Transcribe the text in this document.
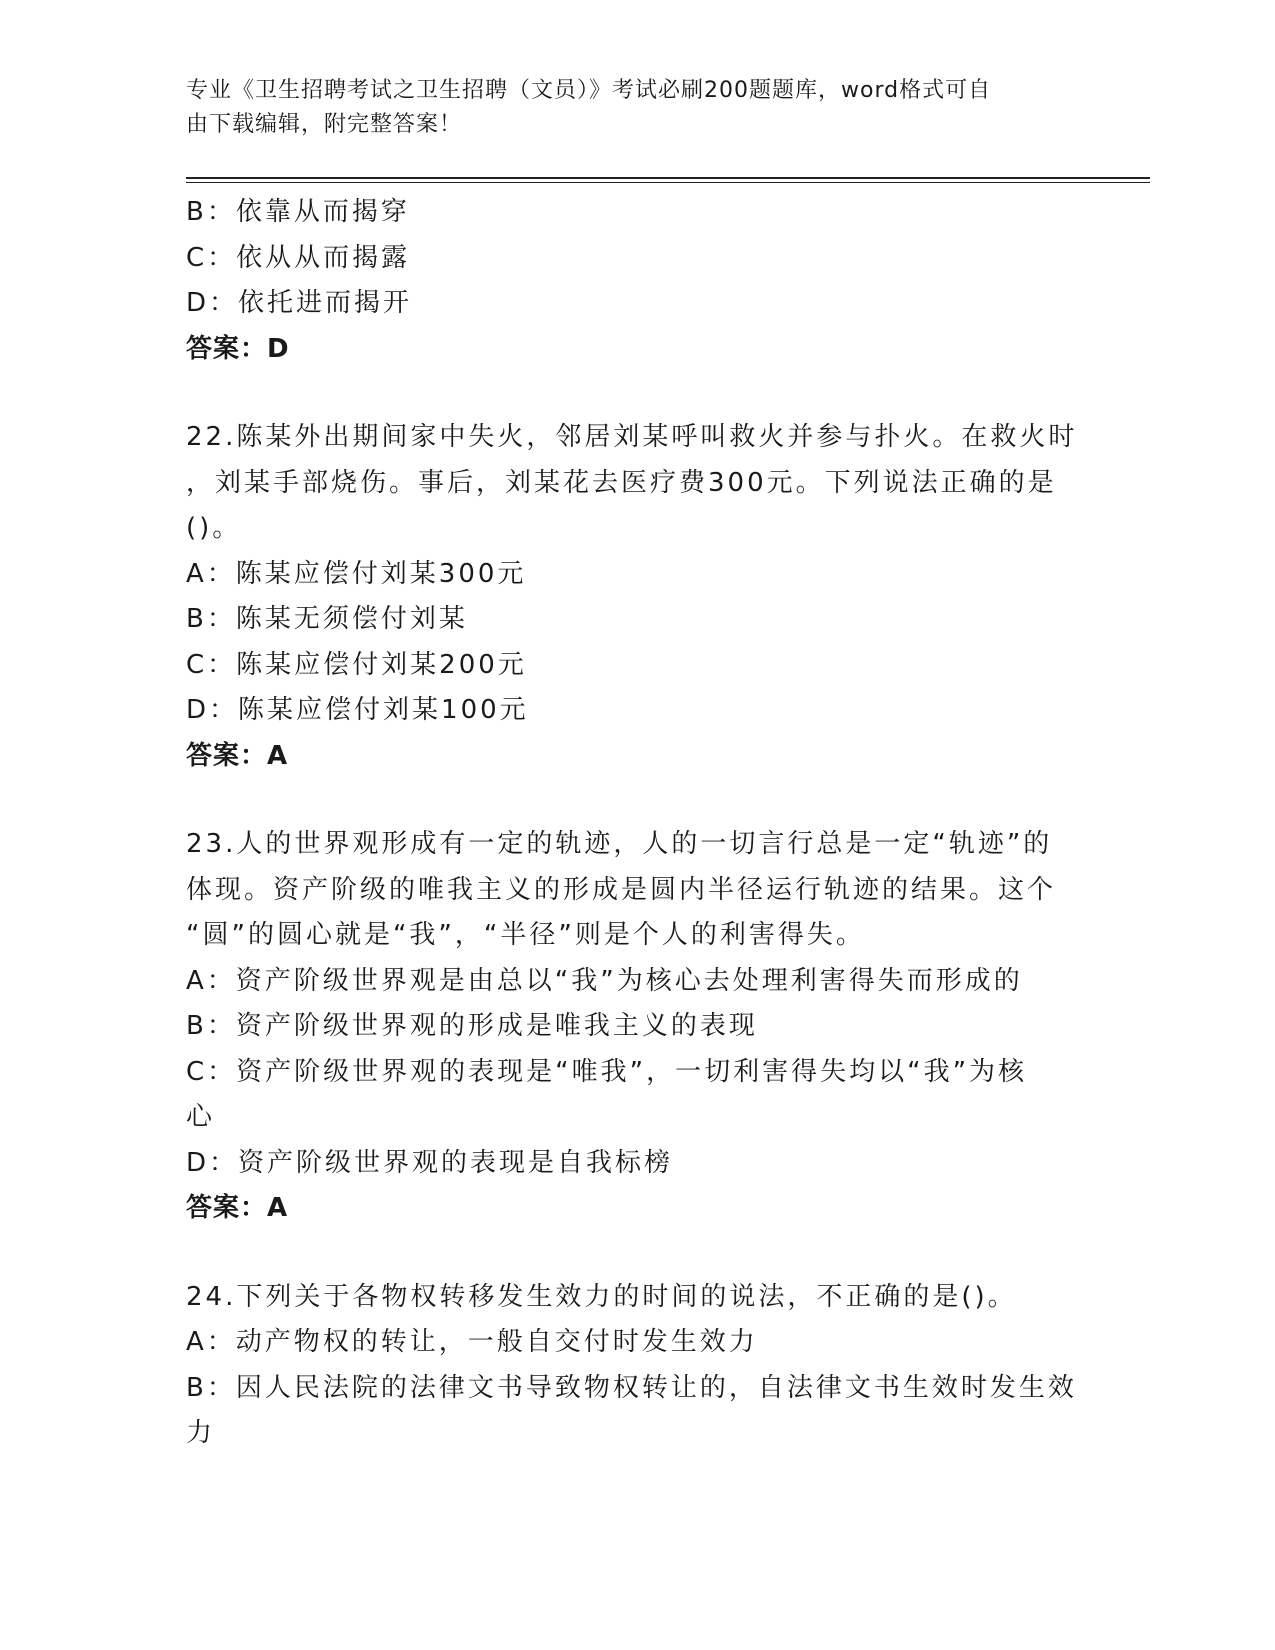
专业《卫生招聘考试之卫生招聘（文员）》考试必刷200题题库，word格式可自
由下载编辑，附完整答案！
B：依靠从而揭穿
C：依从从而揭露
D：依托进而揭开
答案：D
22.陈某外出期间家中失火，邻居刘某呼叫救火并参与扑火。在救火时
，刘某手部烧伤。事后，刘某花去医疗费300元。下列说法正确的是
()。
A：陈某应偿付刘某300元
B：陈某无须偿付刘某
C：陈某应偿付刘某200元
D：陈某应偿付刘某100元
答案：A
23.人的世界观形成有一定的轨迹，人的一切言行总是一定“轨迹”的
体现。资产阶级的唯我主义的形成是圆内半径运行轨迹的结果。这个
“圆”的圆心就是“我”，“半径”则是个人的利害得失。
A：资产阶级世界观是由总以“我”为核心去处理利害得失而形成的
B：资产阶级世界观的形成是唯我主义的表现
C：资产阶级世界观的表现是“唯我”，一切利害得失均以“我”为核
心
D：资产阶级世界观的表现是自我标榜
答案：A
24.下列关于各物权转移发生效力的时间的说法，不正确的是()。
A：动产物权的转让，一般自交付时发生效力
B：因人民法院的法律文书导致物权转让的，自法律文书生效时发生效
力
